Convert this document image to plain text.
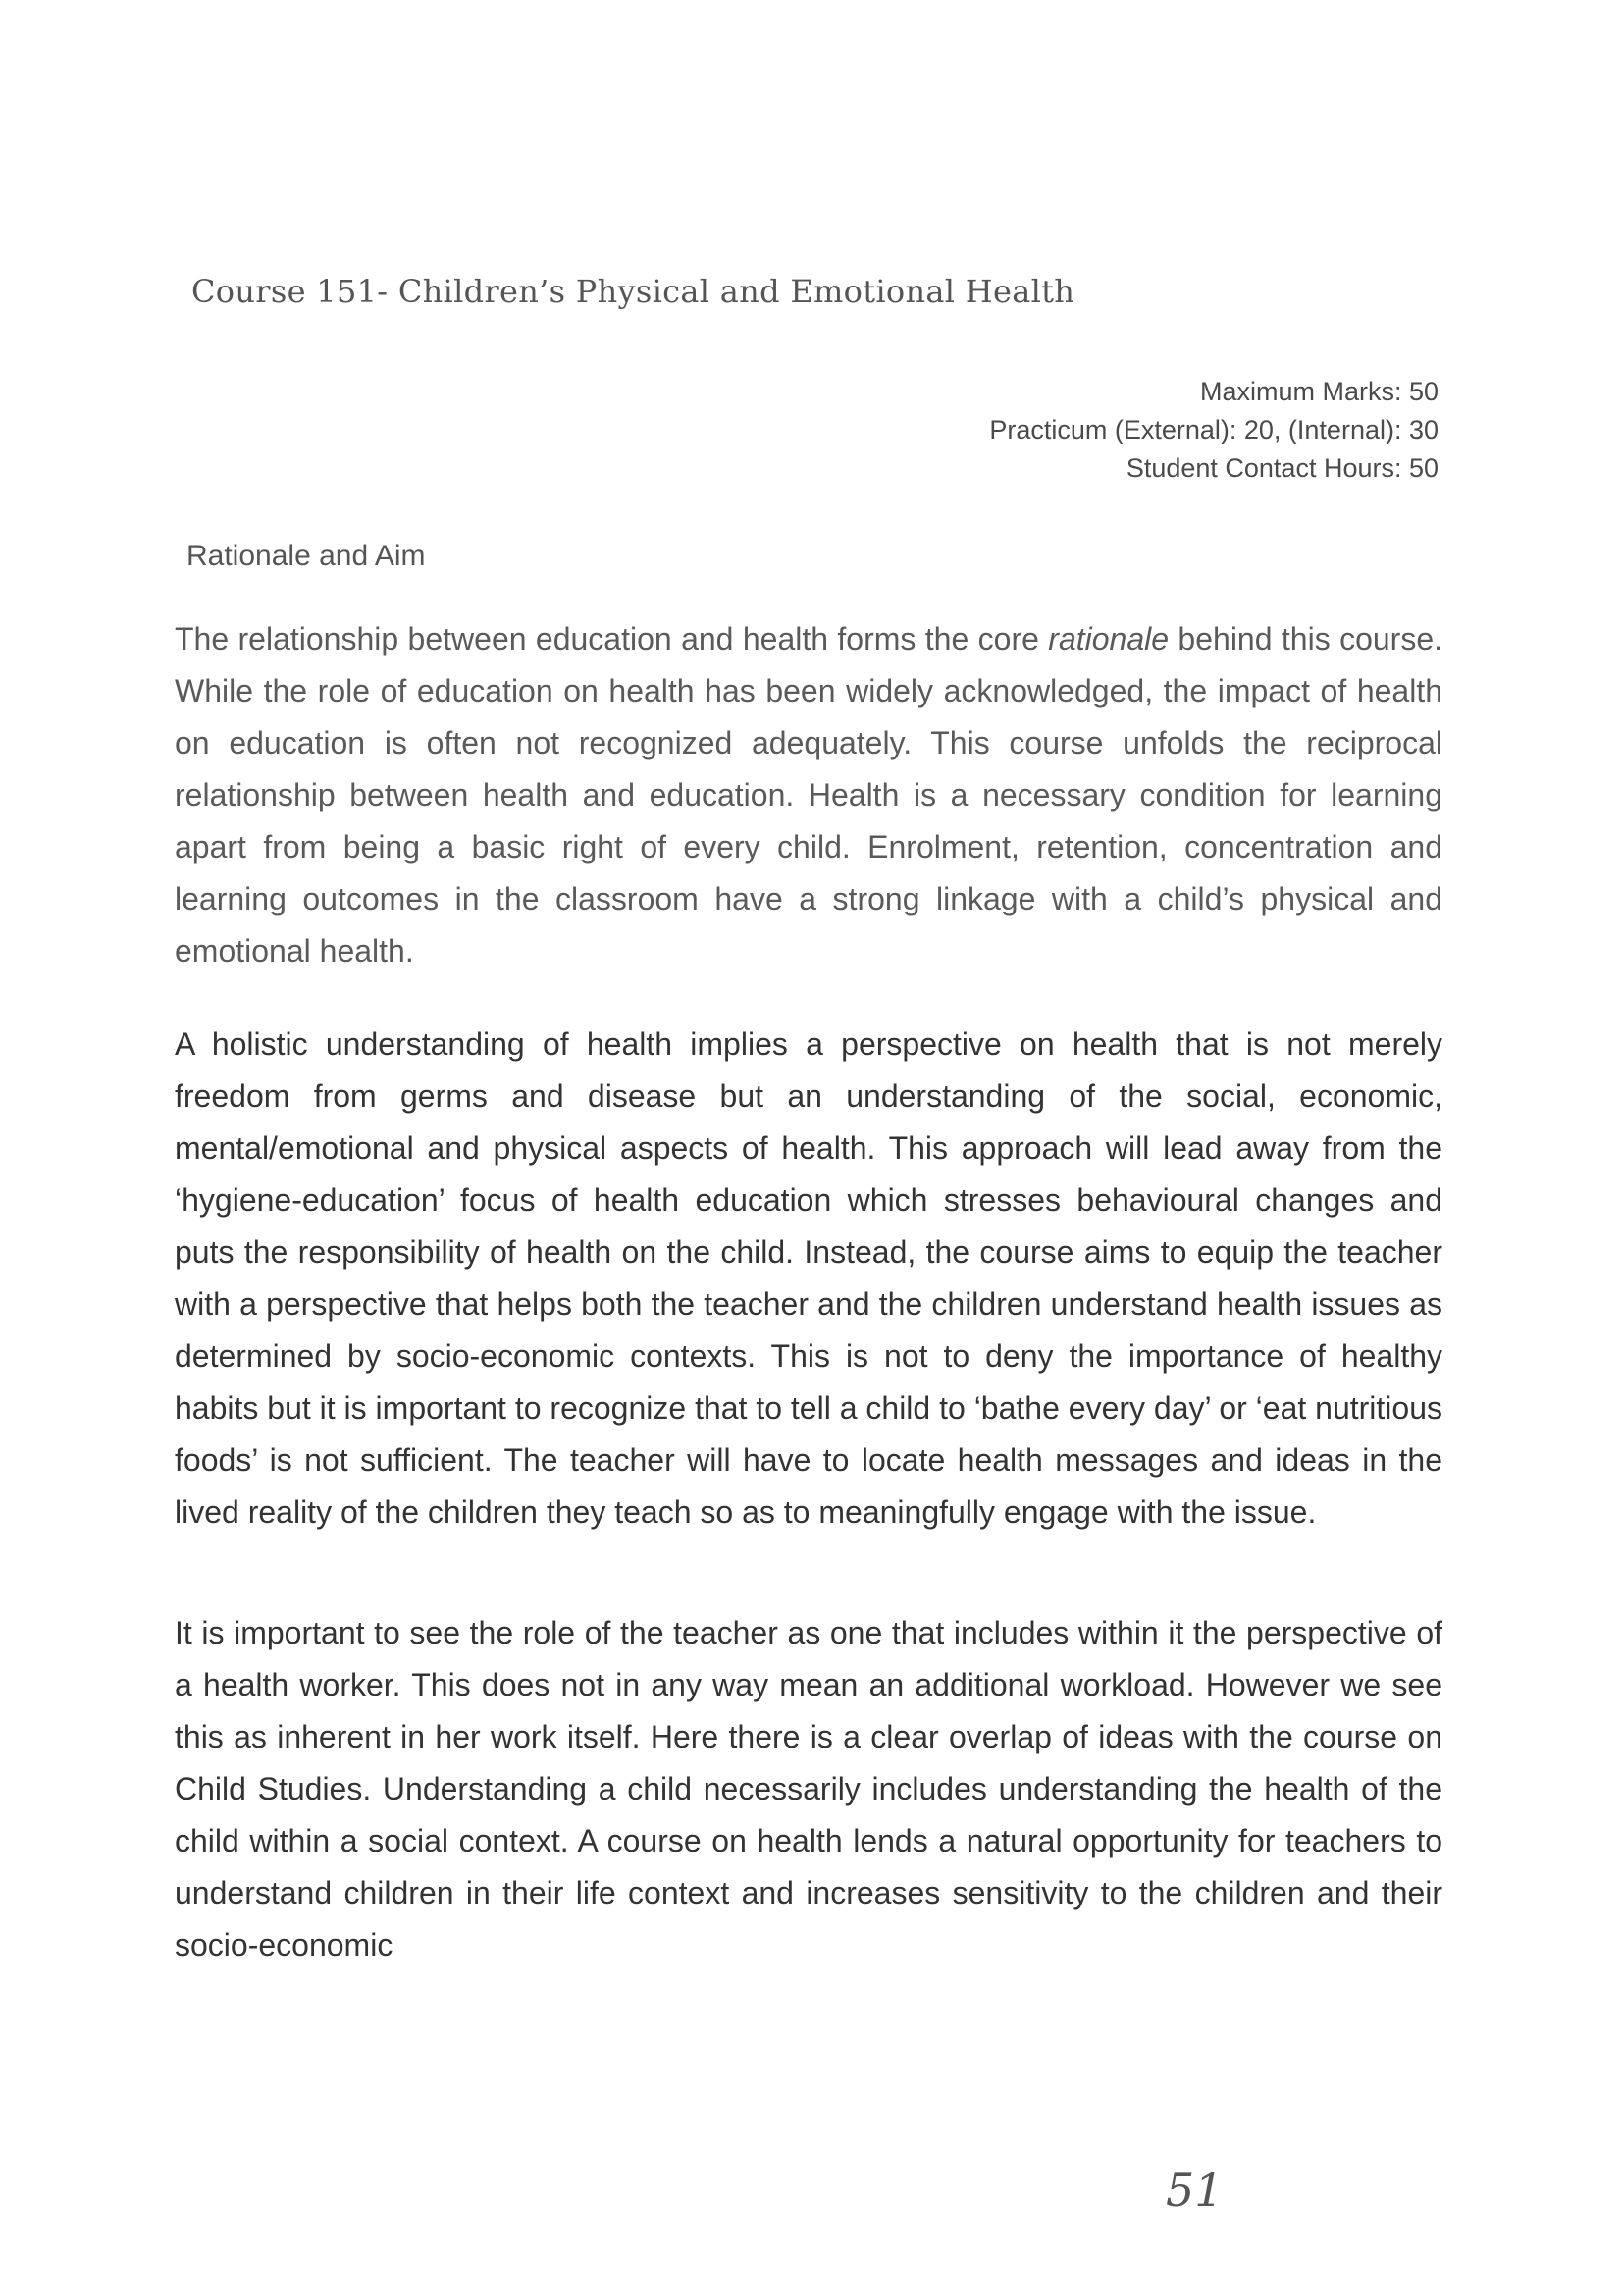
Course 151- Children’s Physical and Emotional Health
Maximum Marks: 50
Practicum (External): 20, (Internal): 30
Student Contact Hours: 50
Rationale and Aim

The relationship between education and health forms the core rationale behind this course. While the role of education on health has been widely acknowledged, the impact of health on education is often not recognized adequately. This course unfolds the reciprocal relationship between health and education. Health is a necessary condition for learning apart from being a basic right of every child. Enrolment, retention, concentration and learning outcomes in the classroom have a strong linkage with a child’s physical and emotional health.

A holistic understanding of health implies a perspective on health that is not merely freedom from germs and disease but an understanding of the social, economic, mental/emotional and physical aspects of health. This approach will lead away from the ‘hygiene-education’ focus of health education which stresses behavioural changes and puts the responsibility of health on the child. Instead, the course aims to equip the teacher with a perspective that helps both the teacher and the children understand health issues as determined by socio-economic contexts. This is not to deny the importance of healthy habits but it is important to recognize that to tell a child to ‘bathe every day’ or ‘eat nutritious foods’ is not sufficient. The teacher will have to locate health messages and ideas in the lived reality of the children they teach so as to meaningfully engage with the issue.

It is important to see the role of the teacher as one that includes within it the perspective of a health worker. This does not in any way mean an additional workload. However we see this as inherent in her work itself. Here there is a clear overlap of ideas with the course on Child Studies. Understanding a child necessarily includes understanding the health of the child within a social context. A course on health lends a natural opportunity for teachers to understand children in their life context and increases sensitivity to the children and their socio-economic

51
